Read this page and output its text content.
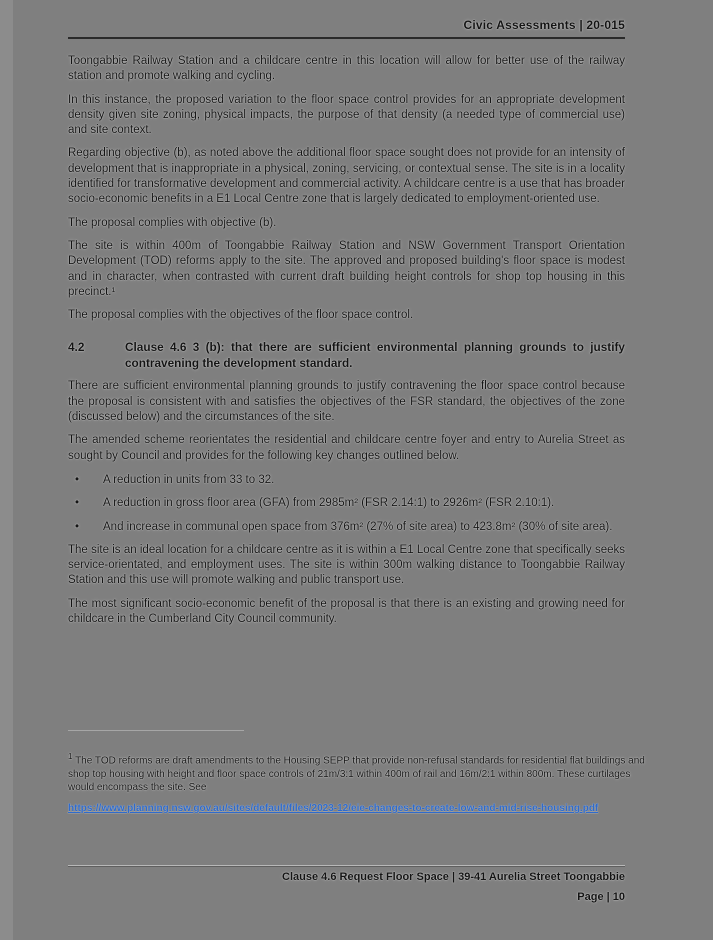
Civic Assessments | 20-015

Toongabbie Railway Station and a childcare centre in this location will allow for better use of the railway station and promote walking and cycling.

In this instance, the proposed variation to the floor space control provides for an appropriate development density given site zoning, physical impacts, the purpose of that density (a needed type of commercial use) and site context.

Regarding objective (b), as noted above the additional floor space sought does not provide for an intensity of development that is inappropriate in a physical, zoning, servicing, or contextual sense. The site is in a locality identified for transformative development and commercial activity. A childcare centre is a use that has broader socio-economic benefits in a E1 Local Centre zone that is largely dedicated to employment-oriented use.

The proposal complies with objective (b).

The site is within 400m of Toongabbie Railway Station and NSW Government Transport Orientation Development (TOD) reforms apply to the site. The approved and proposed building's floor space is modest and in character, when contrasted with current draft building height controls for shop top housing in this precinct.¹

The proposal complies with the objectives of the floor space control.

4.2	Clause 4.6 3 (b): that there are sufficient environmental planning grounds to justify contravening the development standard.

There are sufficient environmental planning grounds to justify contravening the floor space control because the proposal is consistent with and satisfies the objectives of the FSR standard, the objectives of the zone (discussed below) and the circumstances of the site.

The amended scheme reorientates the residential and childcare centre foyer and entry to Aurelia Street as sought by Council and provides for the following key changes outlined below.

•	A reduction in units from 33 to 32.
•	A reduction in gross floor area (GFA) from 2985m² (FSR 2.14:1) to 2926m² (FSR 2.10:1).
•	And increase in communal open space from 376m² (27% of site area) to 423.8m² (30% of site area).

The site is an ideal location for a childcare centre as it is within a E1 Local Centre zone that specifically seeks service-orientated, and employment uses. The site is within 300m walking distance to Toongabbie Railway Station and this use will promote walking and public transport use.

The most significant socio-economic benefit of the proposal is that there is an existing and growing need for childcare in the Cumberland City Council community.

$^1$ The TOD reforms are draft amendments to the Housing SEPP that provide non-refusal standards for residential flat buildings and shop top housing with height and floor space controls of 21m/3:1 within 400m of rail and 16m/2:1 within 800m. These curtilages would encompass the site. See
https://www.planning.nsw.gov.au/sites/default/files/2023-12/eie-changes-to-create-low-and-mid-rise-housing.pdf
Clause 4.6 Request Floor Space | 39-41 Aurelia Street Toongabbie
Page | 10
